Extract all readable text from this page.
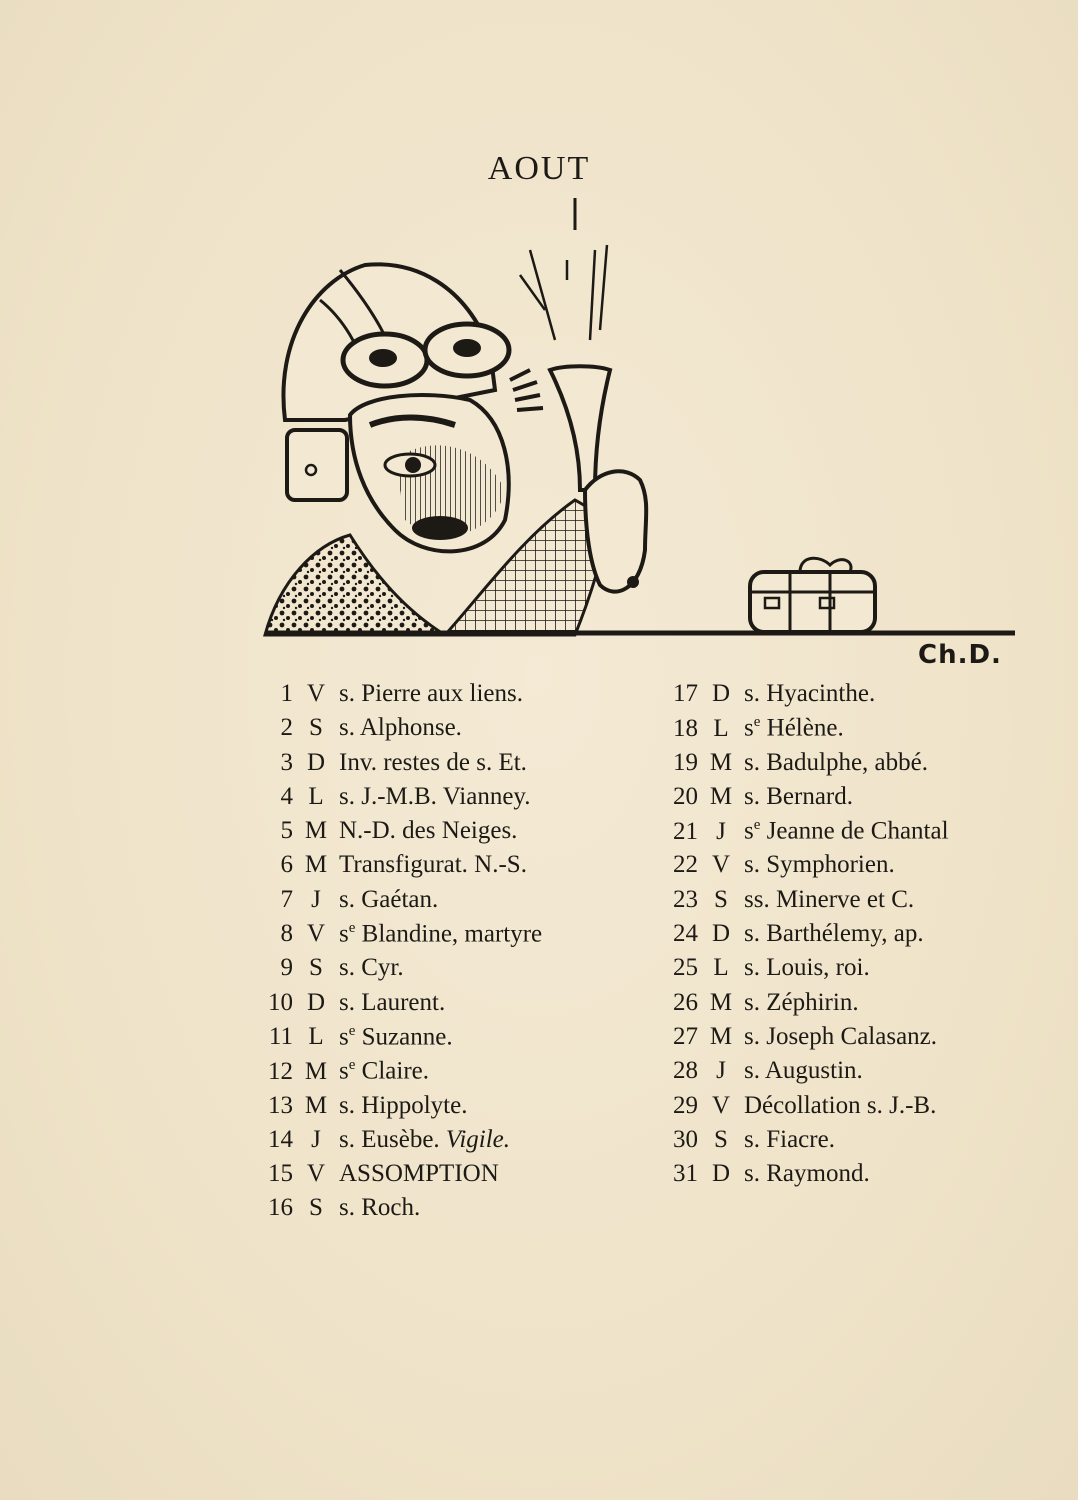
AOUT
Ch.D.
1 V s. Pierre aux liens.
2 S s. Alphonse.
3 D Inv. restes de s. Et.
4 L s. J.-M.B. Vianney.
5 M N.-D. des Neiges.
6 M Transfigurat. N.-S.
7 J s. Gaétan.
8 V $s^e$ Blandine, martyre
9 S s. Cyr.
10 D s. Laurent.
11 L $s^e$ Suzanne.
12 M $s^e$ Claire.
13 M s. Hippolyte.
14 J s. Eusèbe. Vigile.
15 V ASSOMPTION
16 S s. Roch.
17 D s. Hyacinthe.
18 L $s^e$ Hélène.
19 M s. Badulphe, abbé.
20 M s. Bernard.
21 J $s^e$ Jeanne de Chantal
22 V s. Symphorien.
23 S ss. Minerve et C.
24 D s. Barthélemy, ap.
25 L s. Louis, roi.
26 M s. Zéphirin.
27 M s. Joseph Calasanz.
28 J s. Augustin.
29 V Décollation s. J.-B.
30 S s. Fiacre.
31 D s. Raymond.
